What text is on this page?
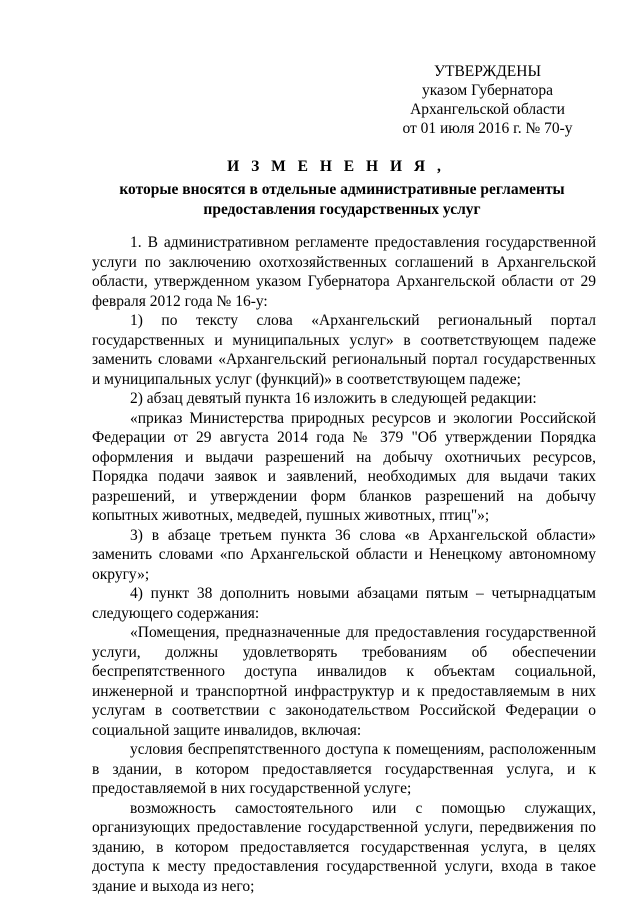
УТВЕРЖДЕНЫ
указом Губернатора
Архангельской области
от 01 июля 2016 г. № 70-у
И З М Е Н Е Н И Я ,
которые вносятся в отдельные административные регламенты
предоставления государственных услуг

1. В административном регламенте предоставления государственной услуги по заключению охотхозяйственных соглашений в Архангельской области, утвержденном указом Губернатора Архангельской области от 29 февраля 2012 года № 16-у:

1) по тексту слова «Архангельский региональный портал государственных и муниципальных услуг» в соответствующем падеже заменить словами «Архангельский региональный портал государственных и муниципальных услуг (функций)» в соответствующем падеже;

2) абзац девятый пункта 16 изложить в следующей редакции:

«приказ Министерства природных ресурсов и экологии Российской Федерации от 29 августа 2014 года № 379 "Об утверждении Порядка оформления и выдачи разрешений на добычу охотничьих ресурсов, Порядка подачи заявок и заявлений, необходимых для выдачи таких разрешений, и утверждении форм бланков разрешений на добычу копытных животных, медведей, пушных животных, птиц"»;

3) в абзаце третьем пункта 36 слова «в Архангельской области» заменить словами «по Архангельской области и Ненецкому автономному округу»;

4) пункт 38 дополнить новыми абзацами пятым – четырнадцатым следующего содержания:

«Помещения, предназначенные для предоставления государственной услуги, должны удовлетворять требованиям об обеспечении беспрепятственного доступа инвалидов к объектам социальной, инженерной и транспортной инфраструктур и к предоставляемым в них услугам в соответствии с законодательством Российской Федерации о социальной защите инвалидов, включая:

условия беспрепятственного доступа к помещениям, расположенным в здании, в котором предоставляется государственная услуга, и к предоставляемой в них государственной услуге;

возможность самостоятельного или с помощью служащих, организующих предоставление государственной услуги, передвижения по зданию, в котором предоставляется государственная услуга, в целях доступа к месту предоставления государственной услуги, входа в такое здание и выхода из него;
